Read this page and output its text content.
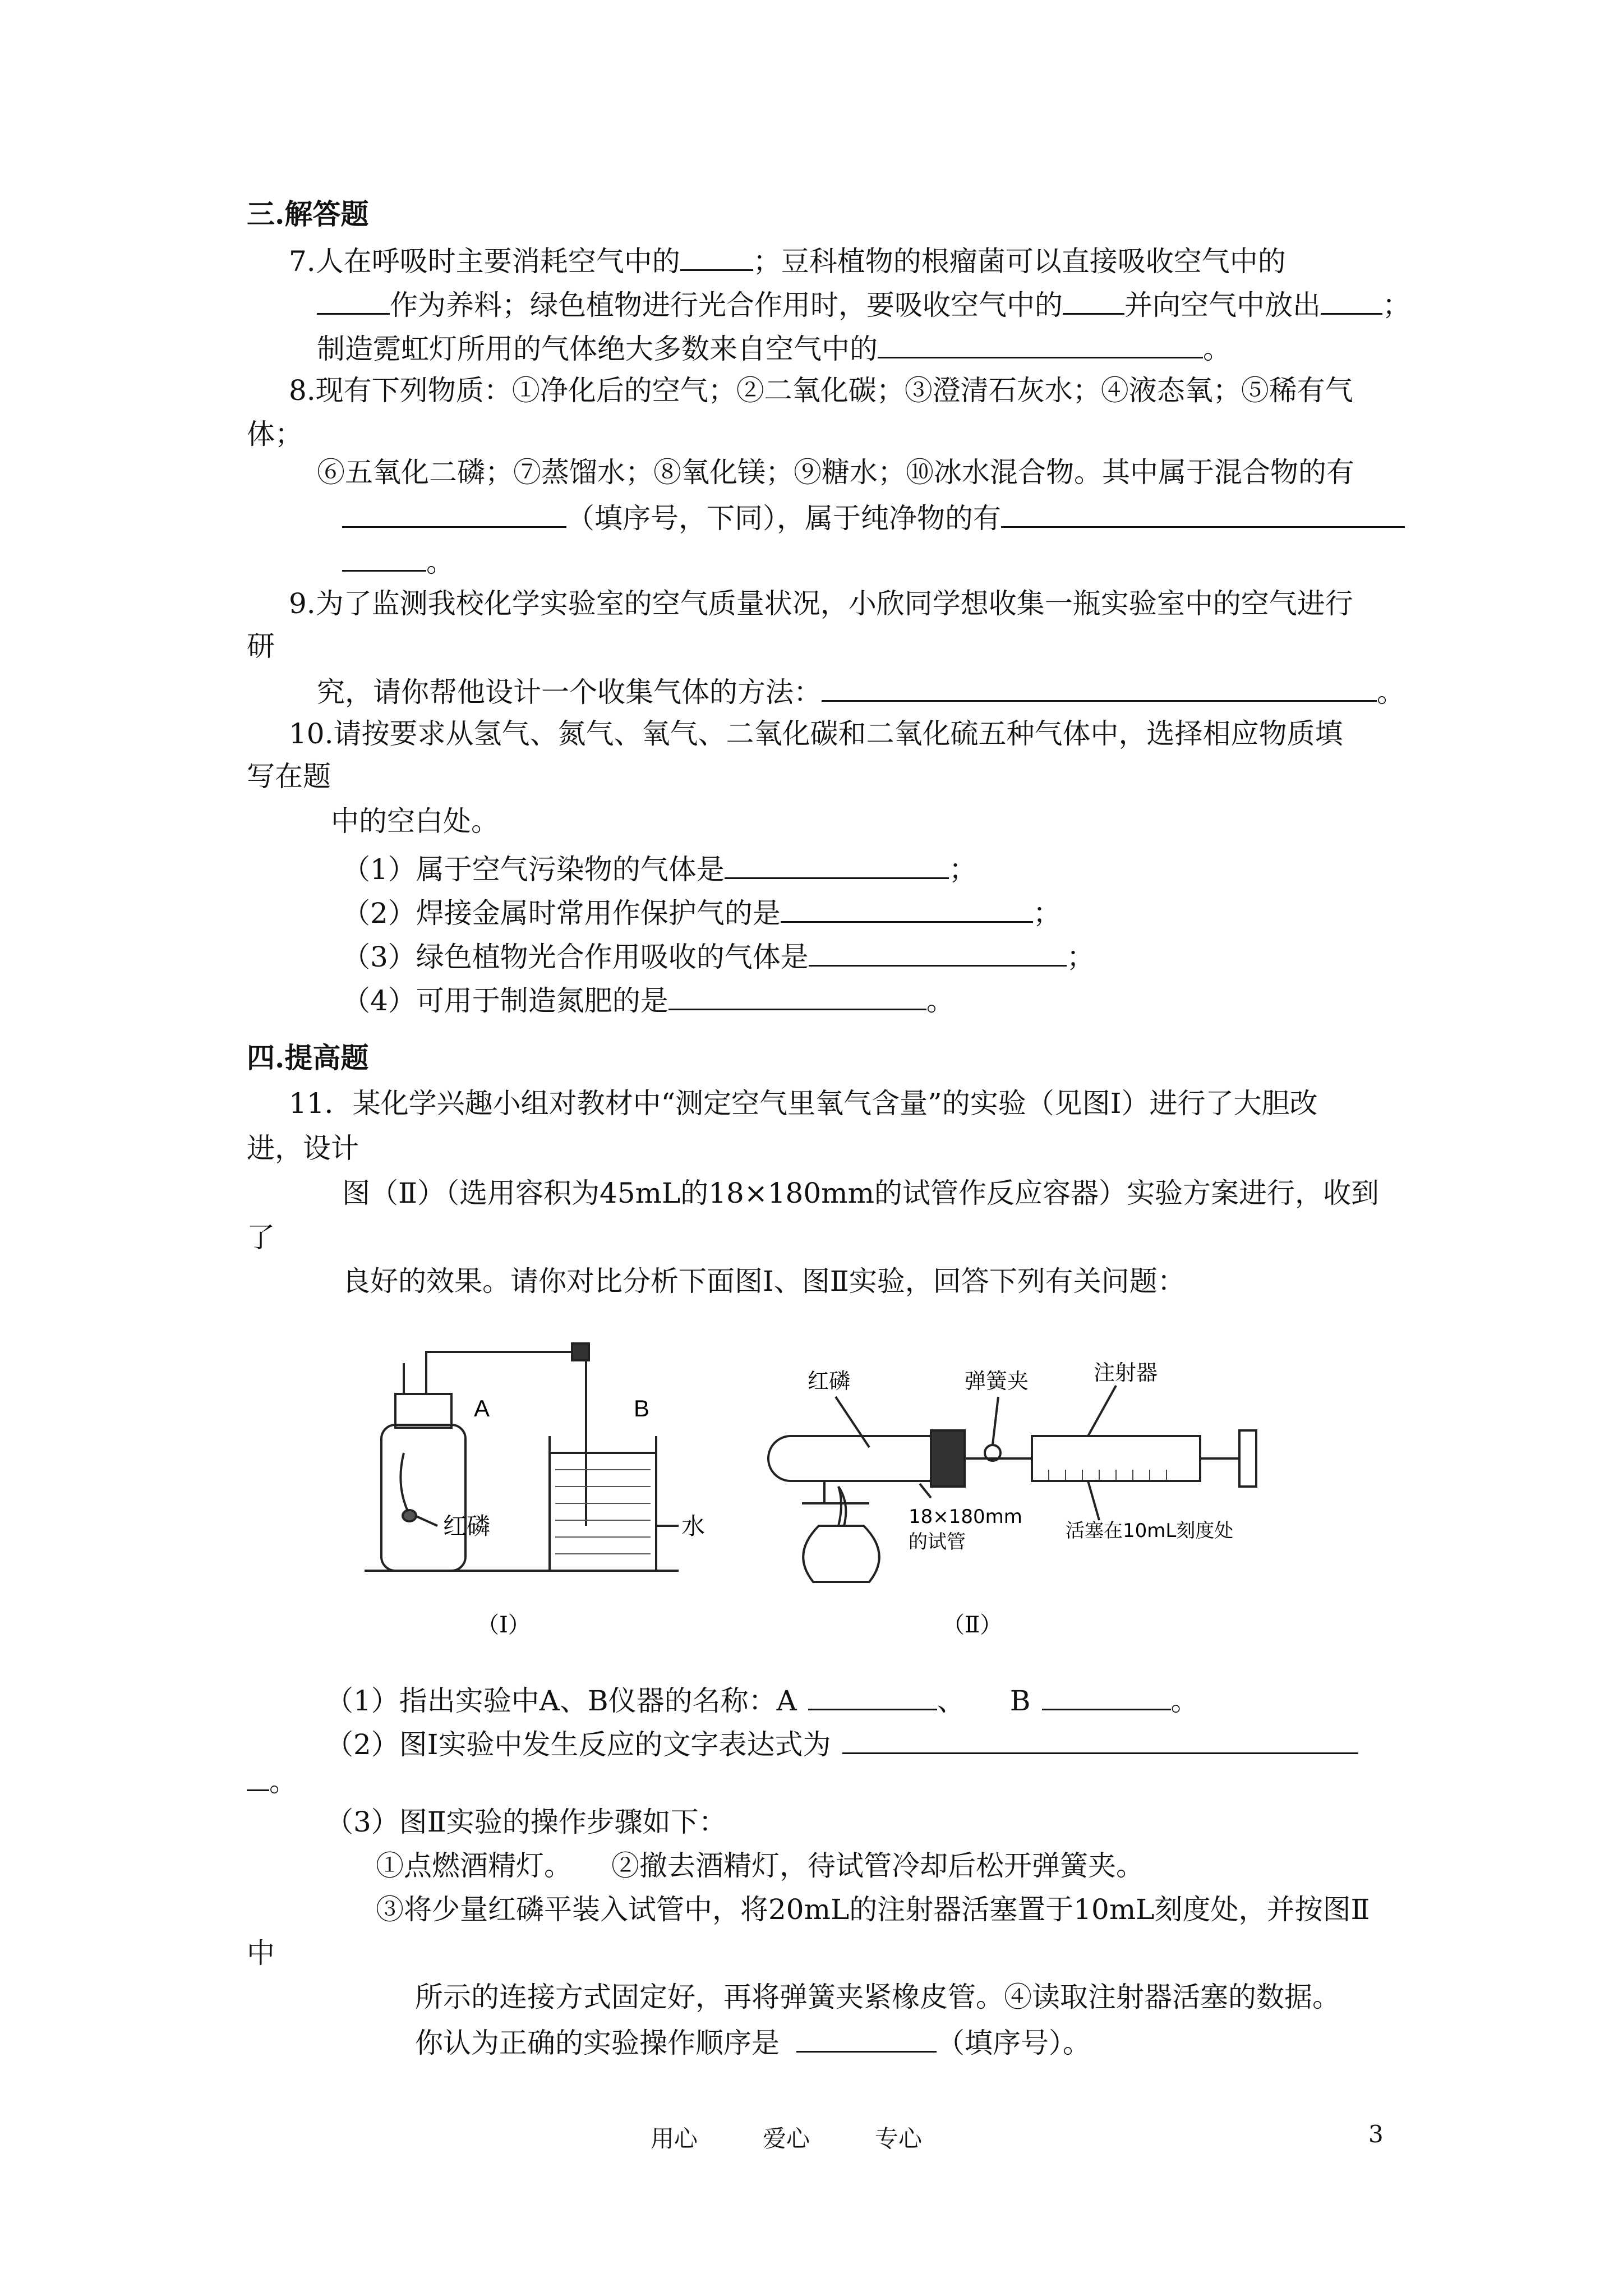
三.解答题
7.人在呼吸时主要消耗空气中的	；豆科植物的根瘤菌可以直接吸收空气中的
作为养料；绿色植物进行光合作用时，要吸收空气中的 并向空气中放出 ；
制造霓虹灯所用的气体绝大多数来自空气中的	。
8.现有下列物质：①净化后的空气；②二氧化碳；③澄清石灰水；④液态氧；⑤稀有气
体；
⑥五氧化二磷；⑦蒸馏水；⑧氧化镁；⑨糖水；⑩冰水混合物。其中属于混合物的有
（填序号，下同），属于纯净物的有
。
9.为了监测我校化学实验室的空气质量状况，小欣同学想收集一瓶实验室中的空气进行
研
究，请你帮他设计一个收集气体的方法：	。
10.请按要求从氢气、氮气、氧气、二氧化碳和二氧化硫五种气体中，选择相应物质填
写在题
中的空白处。
（1）属于空气污染物的气体是	；
（2）焊接金属时常用作保护气的是	；
（3）绿色植物光合作用吸收的气体是	；
（4）可用于制造氮肥的是	。
四.提高题
11．某化学兴趣小组对教材中“测定空气里氧气含量”的实验（见图Ⅰ）进行了大胆改
进，设计
图（Ⅱ）（选用容积为45mL的18×180mm的试管作反应容器）实验方案进行，收到
了
良好的效果。请你对比分析下面图Ⅰ、图Ⅱ实验，回答下列有关问题：
A	B
红磷	水
（Ⅰ）
红磷	弹簧夹	注射器
18×180mm
的试管	活塞在10mL刻度处
（Ⅱ）
（1）指出实验中A、B仪器的名称：A	、 B	。
（2）图Ⅰ实验中发生反应的文字表达式为
。
（3）图Ⅱ实验的操作步骤如下：
①点燃酒精灯。 ②撤去酒精灯，待试管冷却后松开弹簧夹。
③将少量红磷平装入试管中，将20mL的注射器活塞置于10mL刻度处，并按图Ⅱ
中
所示的连接方式固定好，再将弹簧夹紧橡皮管。④读取注射器活塞的数据。
你认为正确的实验操作顺序是	（填序号）。
用心	爱心	专心	3
